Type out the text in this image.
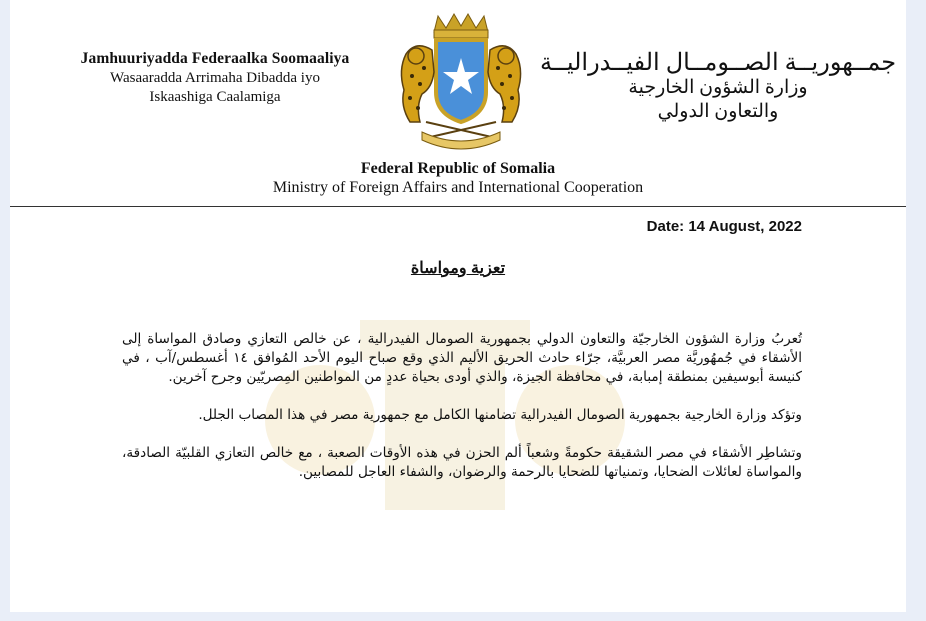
Jamhuuriyadda Federaalka Soomaaliya
Wasaaradda Arrimaha Dibadda iyo
Iskaashiga Caalamiga
جمــهوريــة الصــومــال الفيــدراليــة
وزارة الشؤون الخارجية
والتعاون الدولي
Federal Republic of Somalia
Ministry of Foreign Affairs and International Cooperation
Date: 14 August, 2022
تعزية ومواساة

تُعربُ وزارة الشؤون الخارجيّة والتعاون الدولي بجمهورية الصومال الفيدرالية ، عن خالص التعازي وصادق المواساة إلى الأشقاء في جُمهُوريَّة مصر العربيَّة، جرّاء حادث الحريق الأليم الذي وقع صباح اليوم الأحد المُوافق ١٤ أغسطس/آب ، في كنيسة أبوسيفين بمنطقة إمبابة، في محافظة الجيزة، والذي أودى بحياة عددٍ من المواطنين المِصريّين وجرح آخرين.

وتؤكد وزارة الخارجية بجمهورية الصومال الفيدرالية تضامنها الكامل مع جمهورية مصر في هذا المصاب الجلل.

وتشاطِر الأشقاء في مصر الشقيقة حكومةً وشعباً ألم الحزن في هذه الأوقات الصعبة ، مع خالص التعازي القلبيّة الصادقة، والمواساة لعائلات الضحايا، وتمنياتها للضحايا بالرحمة والرضوان، والشفاء العاجل للمصابين.
